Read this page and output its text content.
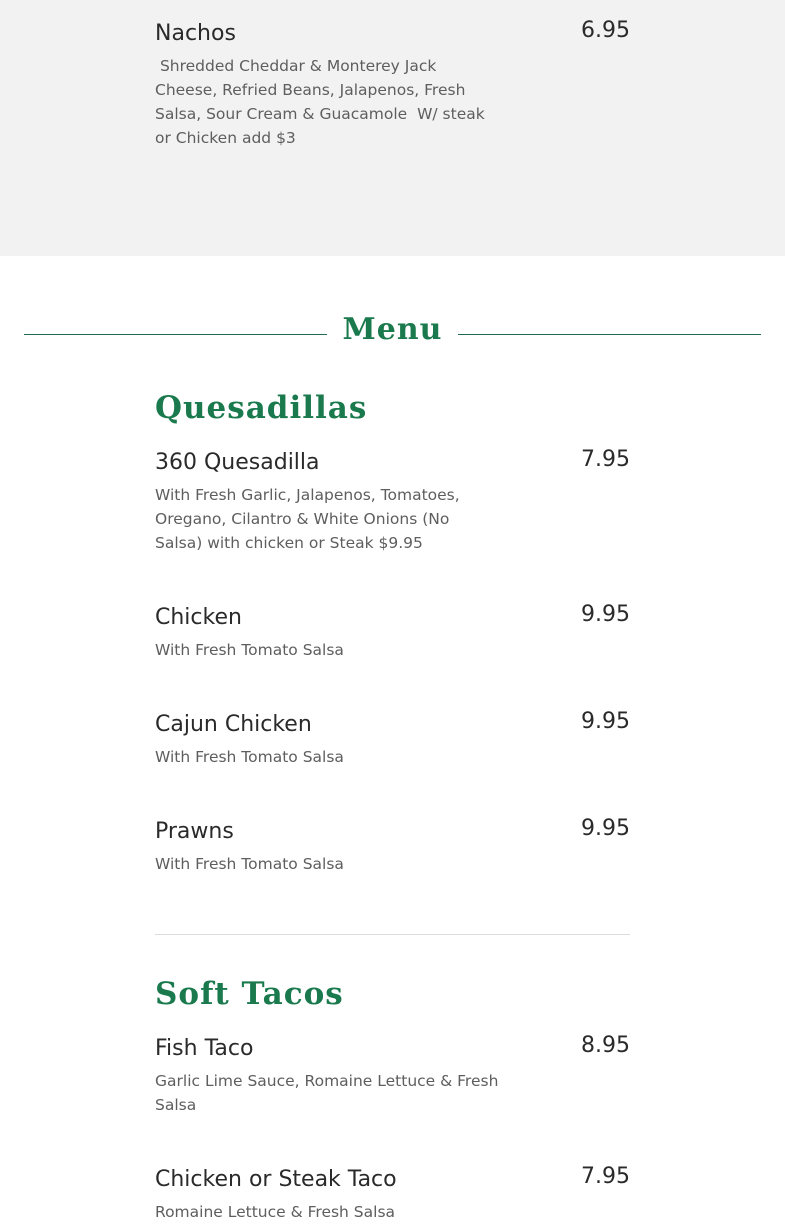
Nachos	6.95
Shredded Cheddar & Monterey Jack Cheese, Refried Beans, Jalapenos, Fresh Salsa, Sour Cream & Guacamole  W/ steak or Chicken add $3
Menu
Quesadillas
360 Quesadilla	7.95
With Fresh Garlic, Jalapenos, Tomatoes, Oregano, Cilantro & White Onions (No Salsa) with chicken or Steak $9.95
Chicken	9.95
With Fresh Tomato Salsa
Cajun Chicken	9.95
With Fresh Tomato Salsa
Prawns	9.95
With Fresh Tomato Salsa
Soft Tacos
Fish Taco	8.95
Garlic Lime Sauce, Romaine Lettuce & Fresh Salsa
Chicken or Steak Taco	7.95
Romaine Lettuce & Fresh Salsa
